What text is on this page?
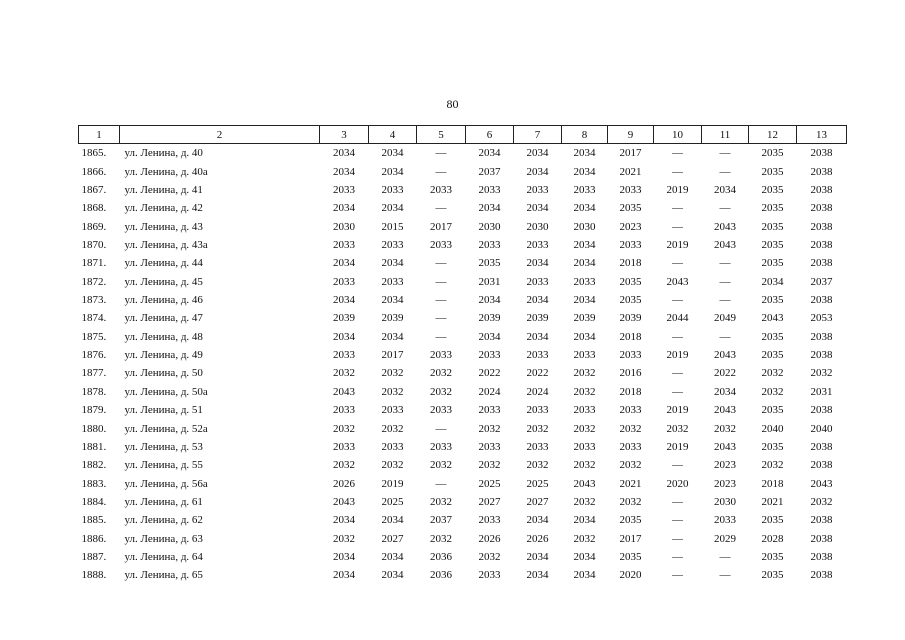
80
1	2	3	4	5	6	7	8	9	10	11	12	13
1865.	ул. Ленина, д. 40	2034	2034	—	2034	2034	2034	2017	—	—	2035	2038
1866.	ул. Ленина, д. 40а	2034	2034	—	2037	2034	2034	2021	—	—	2035	2038
1867.	ул. Ленина, д. 41	2033	2033	2033	2033	2033	2033	2033	2019	2034	2035	2038
1868.	ул. Ленина, д. 42	2034	2034	—	2034	2034	2034	2035	—	—	2035	2038
1869.	ул. Ленина, д. 43	2030	2015	2017	2030	2030	2030	2023	—	2043	2035	2038
1870.	ул. Ленина, д. 43а	2033	2033	2033	2033	2033	2034	2033	2019	2043	2035	2038
1871.	ул. Ленина, д. 44	2034	2034	—	2035	2034	2034	2018	—	—	2035	2038
1872.	ул. Ленина, д. 45	2033	2033	—	2031	2033	2033	2035	2043	—	2034	2037
1873.	ул. Ленина, д. 46	2034	2034	—	2034	2034	2034	2035	—	—	2035	2038
1874.	ул. Ленина, д. 47	2039	2039	—	2039	2039	2039	2039	2044	2049	2043	2053
1875.	ул. Ленина, д. 48	2034	2034	—	2034	2034	2034	2018	—	—	2035	2038
1876.	ул. Ленина, д. 49	2033	2017	2033	2033	2033	2033	2033	2019	2043	2035	2038
1877.	ул. Ленина, д. 50	2032	2032	2032	2022	2022	2032	2016	—	2022	2032	2032
1878.	ул. Ленина, д. 50а	2043	2032	2032	2024	2024	2032	2018	—	2034	2032	2031
1879.	ул. Ленина, д. 51	2033	2033	2033	2033	2033	2033	2033	2019	2043	2035	2038
1880.	ул. Ленина, д. 52а	2032	2032	—	2032	2032	2032	2032	2032	2032	2040	2040
1881.	ул. Ленина, д. 53	2033	2033	2033	2033	2033	2033	2033	2019	2043	2035	2038
1882.	ул. Ленина, д. 55	2032	2032	2032	2032	2032	2032	2032	—	2023	2032	2038
1883.	ул. Ленина, д. 56а	2026	2019	—	2025	2025	2043	2021	2020	2023	2018	2043
1884.	ул. Ленина, д. 61	2043	2025	2032	2027	2027	2032	2032	—	2030	2021	2032
1885.	ул. Ленина, д. 62	2034	2034	2037	2033	2034	2034	2035	—	2033	2035	2038
1886.	ул. Ленина, д. 63	2032	2027	2032	2026	2026	2032	2017	—	2029	2028	2038
1887.	ул. Ленина, д. 64	2034	2034	2036	2032	2034	2034	2035	—	—	2035	2038
1888.	ул. Ленина, д. 65	2034	2034	2036	2033	2034	2034	2020	—	—	2035	2038
